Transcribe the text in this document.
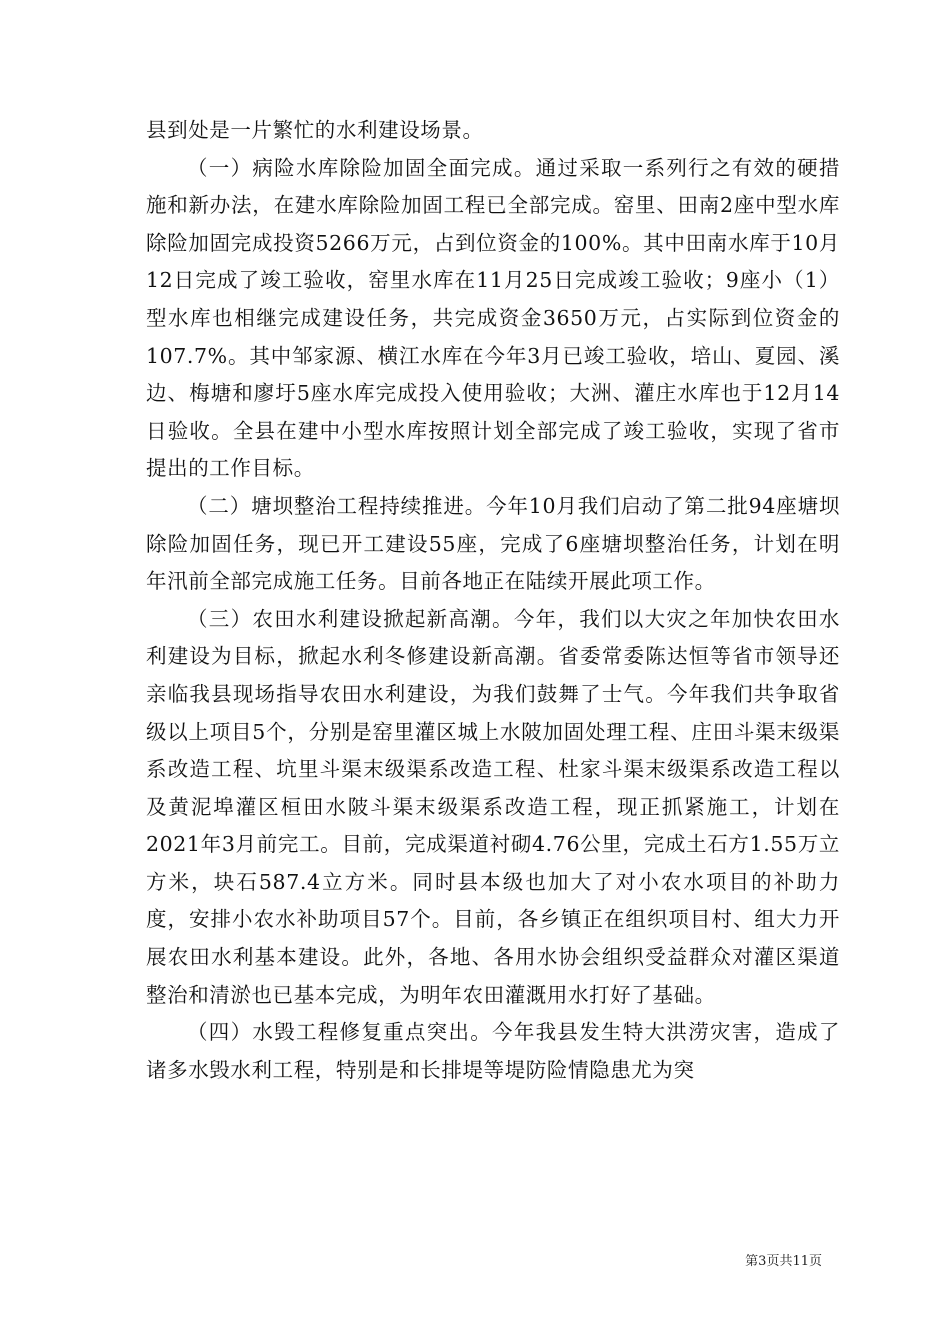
县到处是一片繁忙的水利建设场景。

（一）病险水库除险加固全面完成。通过采取一系列行之有效的硬措施和新办法，在建水库除险加固工程已全部完成。窑里、田南2座中型水库除险加固完成投资5266万元，占到位资金的100%。其中田南水库于10月12日完成了竣工验收，窑里水库在11月25日完成竣工验收；9座小（1）型水库也相继完成建设任务，共完成资金3650万元，占实际到位资金的107.7%。其中邹家源、横江水库在今年3月已竣工验收，培山、夏园、溪边、梅塘和廖圩5座水库完成投入使用验收；大洲、灌庄水库也于12月14日验收。全县在建中小型水库按照计划全部完成了竣工验收，实现了省市提出的工作目标。

（二）塘坝整治工程持续推进。今年10月我们启动了第二批94座塘坝除险加固任务，现已开工建设55座，完成了6座塘坝整治任务，计划在明年汛前全部完成施工任务。目前各地正在陆续开展此项工作。

（三）农田水利建设掀起新高潮。今年，我们以大灾之年加快农田水利建设为目标，掀起水利冬修建设新高潮。省委常委陈达恒等省市领导还亲临我县现场指导农田水利建设，为我们鼓舞了士气。今年我们共争取省级以上项目5个，分别是窑里灌区城上水陂加固处理工程、庄田斗渠末级渠系改造工程、坑里斗渠末级渠系改造工程、杜家斗渠末级渠系改造工程以及黄泥埠灌区桓田水陂斗渠末级渠系改造工程，现正抓紧施工，计划在2021年3月前完工。目前，完成渠道衬砌4.76公里，完成土石方1.55万立方米，块石587.4立方米。同时县本级也加大了对小农水项目的补助力度，安排小农水补助项目57个。目前，各乡镇正在组织项目村、组大力开展农田水利基本建设。此外，各地、各用水协会组织受益群众对灌区渠道整治和清淤也已基本完成，为明年农田灌溉用水打好了基础。

（四）水毁工程修复重点突出。今年我县发生特大洪涝灾害，造成了诸多水毁水利工程，特别是和长排堤等堤防险情隐患尤为突

第3页共11页
